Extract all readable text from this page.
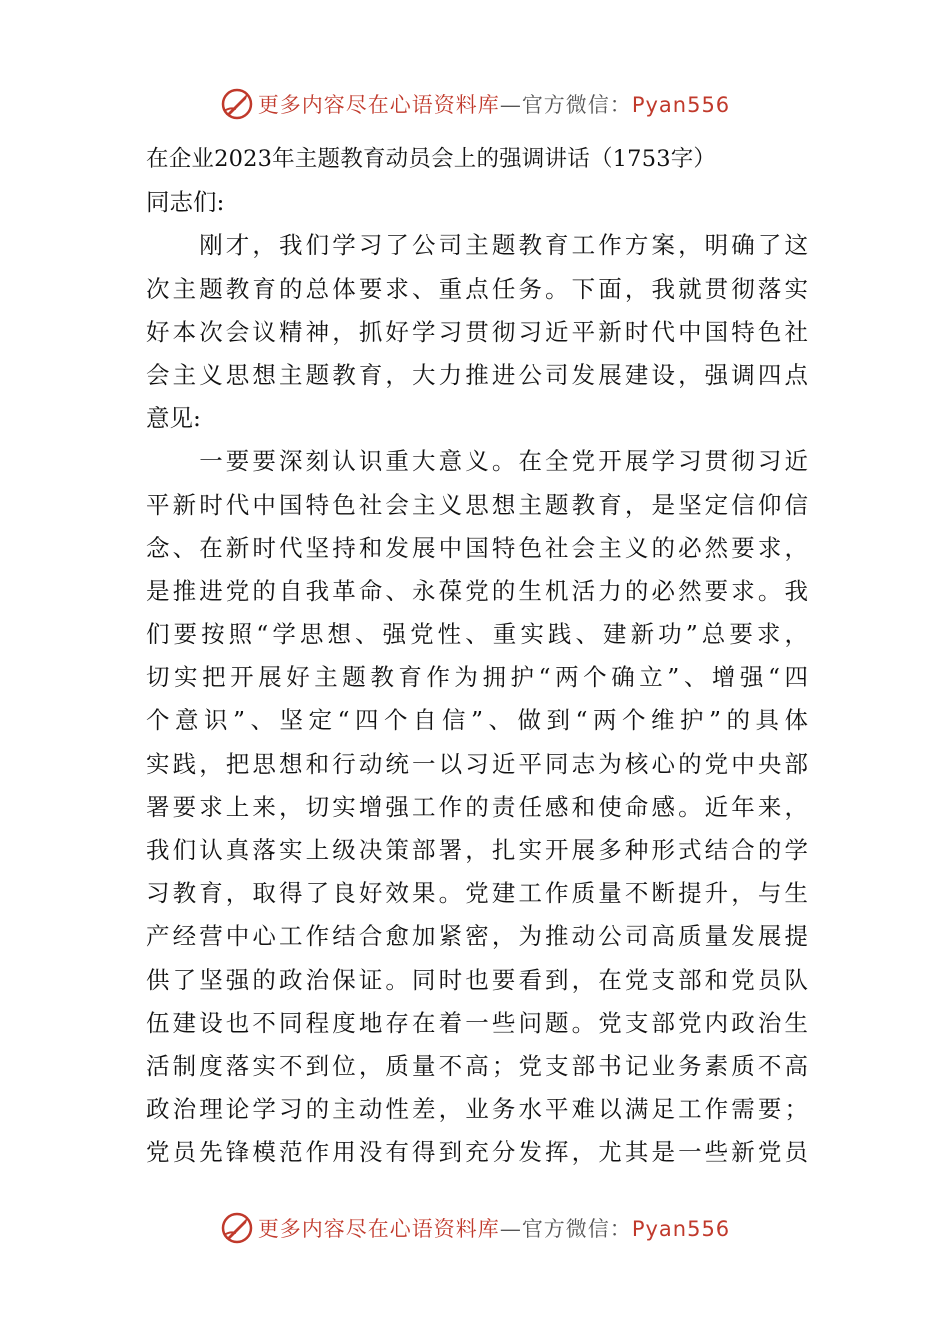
更多内容尽在心语资料库—官方微信：Pyan556
在企业2023年主题教育动员会上的强调讲话（1753字）
同志们:
　　刚才，我们学习了公司主题教育工作方案，明确了这
次主题教育的总体要求、重点任务。下面，我就贯彻落实
好本次会议精神，抓好学习贯彻习近平新时代中国特色社
会主义思想主题教育，大力推进公司发展建设，强调四点
意见:
　　一要要深刻认识重大意义。在全党开展学习贯彻习近
平新时代中国特色社会主义思想主题教育，是坚定信仰信
念、在新时代坚持和发展中国特色社会主义的必然要求，
是推进党的自我革命、永葆党的生机活力的必然要求。我
们要按照“学思想、强党性、重实践、建新功”总要求，
切实把开展好主题教育作为拥护“两个确立”、增强“四
个意识”、坚定“四个自信”、做到“两个维护”的具体
实践，把思想和行动统一以习近平同志为核心的党中央部
署要求上来，切实增强工作的责任感和使命感。近年来，
我们认真落实上级决策部署，扎实开展多种形式结合的学
习教育，取得了良好效果。党建工作质量不断提升，与生
产经营中心工作结合愈加紧密，为推动公司高质量发展提
供了坚强的政治保证。同时也要看到，在党支部和党员队
伍建设也不同程度地存在着一些问题。党支部党内政治生
活制度落实不到位，质量不高；党支部书记业务素质不高
政治理论学习的主动性差，业务水平难以满足工作需要；
党员先锋模范作用没有得到充分发挥，尤其是一些新党员
更多内容尽在心语资料库—官方微信：Pyan556
